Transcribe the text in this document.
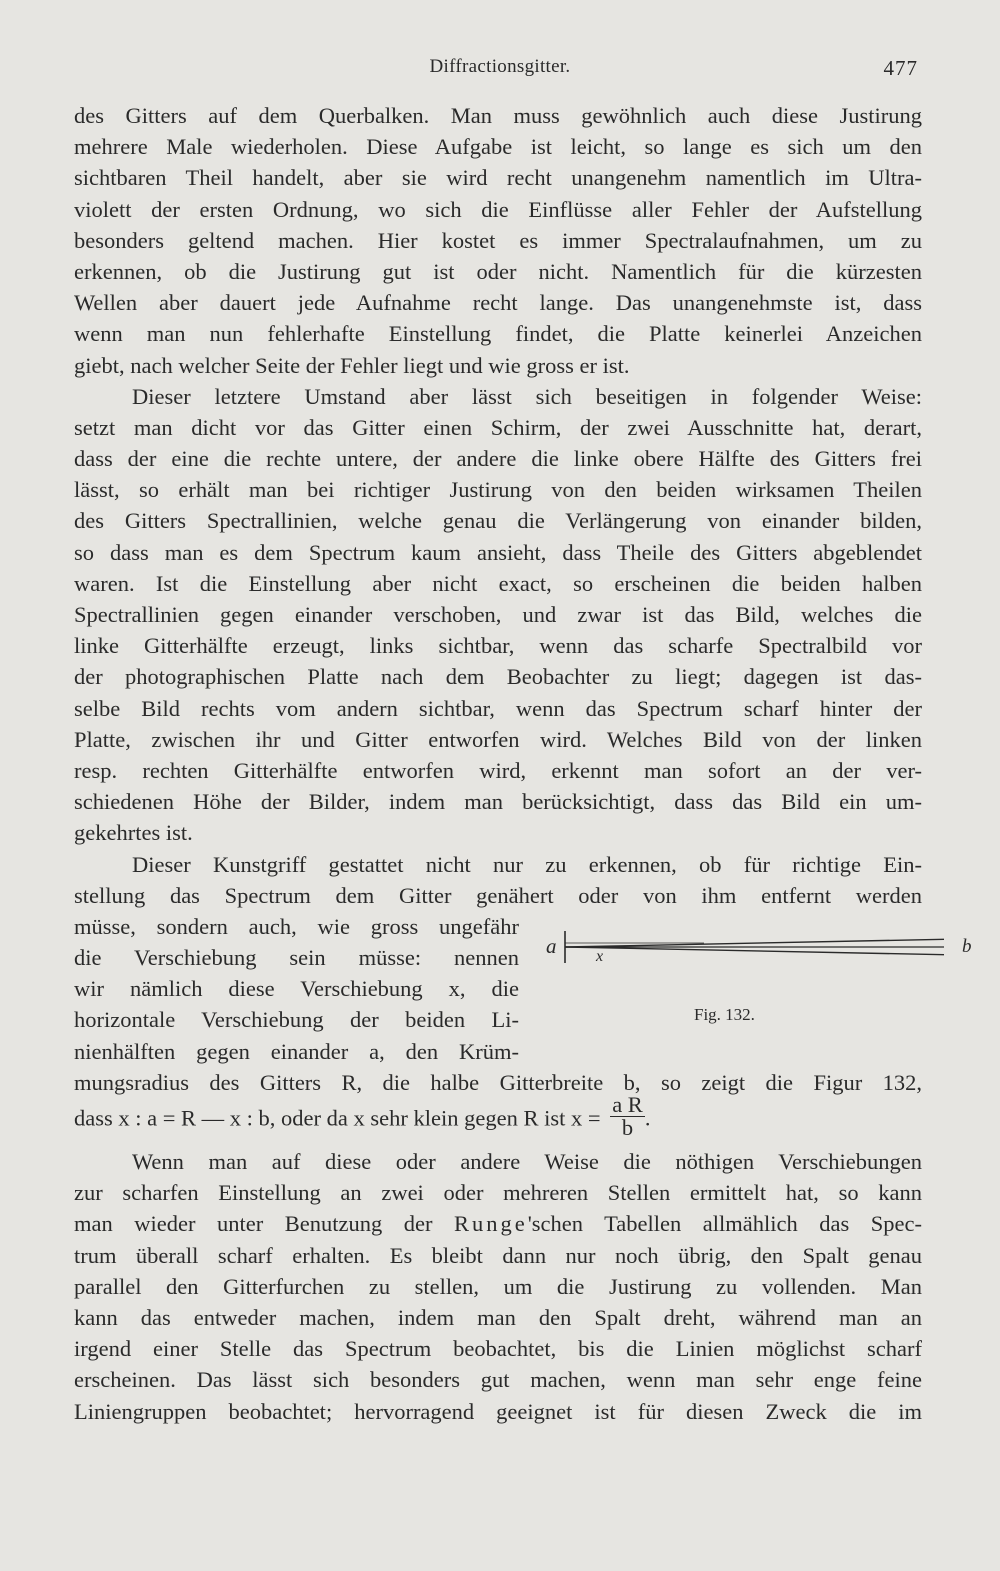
Diffractionsgitter.	477
des Gitters auf dem Querbalken. Man muss gewöhnlich auch diese Justirung
mehrere Male wiederholen. Diese Aufgabe ist leicht, so lange es sich um den
sichtbaren Theil handelt, aber sie wird recht unangenehm namentlich im Ultra-
violett der ersten Ordnung, wo sich die Einflüsse aller Fehler der Aufstellung
besonders geltend machen. Hier kostet es immer Spectralaufnahmen, um zu
erkennen, ob die Justirung gut ist oder nicht. Namentlich für die kürzesten
Wellen aber dauert jede Aufnahme recht lange. Das unangenehmste ist, dass
wenn man nun fehlerhafte Einstellung findet, die Platte keinerlei Anzeichen
giebt, nach welcher Seite der Fehler liegt und wie gross er ist.
Dieser letztere Umstand aber lässt sich beseitigen in folgender Weise:
setzt man dicht vor das Gitter einen Schirm, der zwei Ausschnitte hat, derart,
dass der eine die rechte untere, der andere die linke obere Hälfte des Gitters frei
lässt, so erhält man bei richtiger Justirung von den beiden wirksamen Theilen
des Gitters Spectrallinien, welche genau die Verlängerung von einander bilden,
so dass man es dem Spectrum kaum ansieht, dass Theile des Gitters abgeblendet
waren. Ist die Einstellung aber nicht exact, so erscheinen die beiden halben
Spectrallinien gegen einander verschoben, und zwar ist das Bild, welches die
linke Gitterhälfte erzeugt, links sichtbar, wenn das scharfe Spectralbild vor
der photographischen Platte nach dem Beobachter zu liegt; dagegen ist das-
selbe Bild rechts vom andern sichtbar, wenn das Spectrum scharf hinter der
Platte, zwischen ihr und Gitter entworfen wird. Welches Bild von der linken
resp. rechten Gitterhälfte entworfen wird, erkennt man sofort an der ver-
schiedenen Höhe der Bilder, indem man berücksichtigt, dass das Bild ein um-
gekehrtes ist.
Dieser Kunstgriff gestattet nicht nur zu erkennen, ob für richtige Ein-
stellung das Spectrum dem Gitter genähert oder von ihm entfernt werden
müsse, sondern auch, wie gross ungefähr
die Verschiebung sein müsse: nennen
wir nämlich diese Verschiebung x, die
horizontale Verschiebung der beiden Li-
nienhälften gegen einander a, den Krüm-
a x	b
Fig. 132.
mungsradius des Gitters R, die halbe Gitterbreite b, so zeigt die Figur 132,
dass x : a = R — x : b, oder da x sehr klein gegen R ist $x = \frac{\text{a R}}{b}$ .
Wenn man auf diese oder andere Weise die nöthigen Verschiebungen
zur scharfen Einstellung an zwei oder mehreren Stellen ermittelt hat, so kann
man wieder unter Benutzung der Runge'schen Tabellen allmählich das Spec-
trum überall scharf erhalten. Es bleibt dann nur noch übrig, den Spalt genau
parallel den Gitterfurchen zu stellen, um die Justirung zu vollenden. Man
kann das entweder machen, indem man den Spalt dreht, während man an
irgend einer Stelle das Spectrum beobachtet, bis die Linien möglichst scharf
erscheinen. Das lässt sich besonders gut machen, wenn man sehr enge feine
Liniengruppen beobachtet; hervorragend geeignet ist für diesen Zweck die im
